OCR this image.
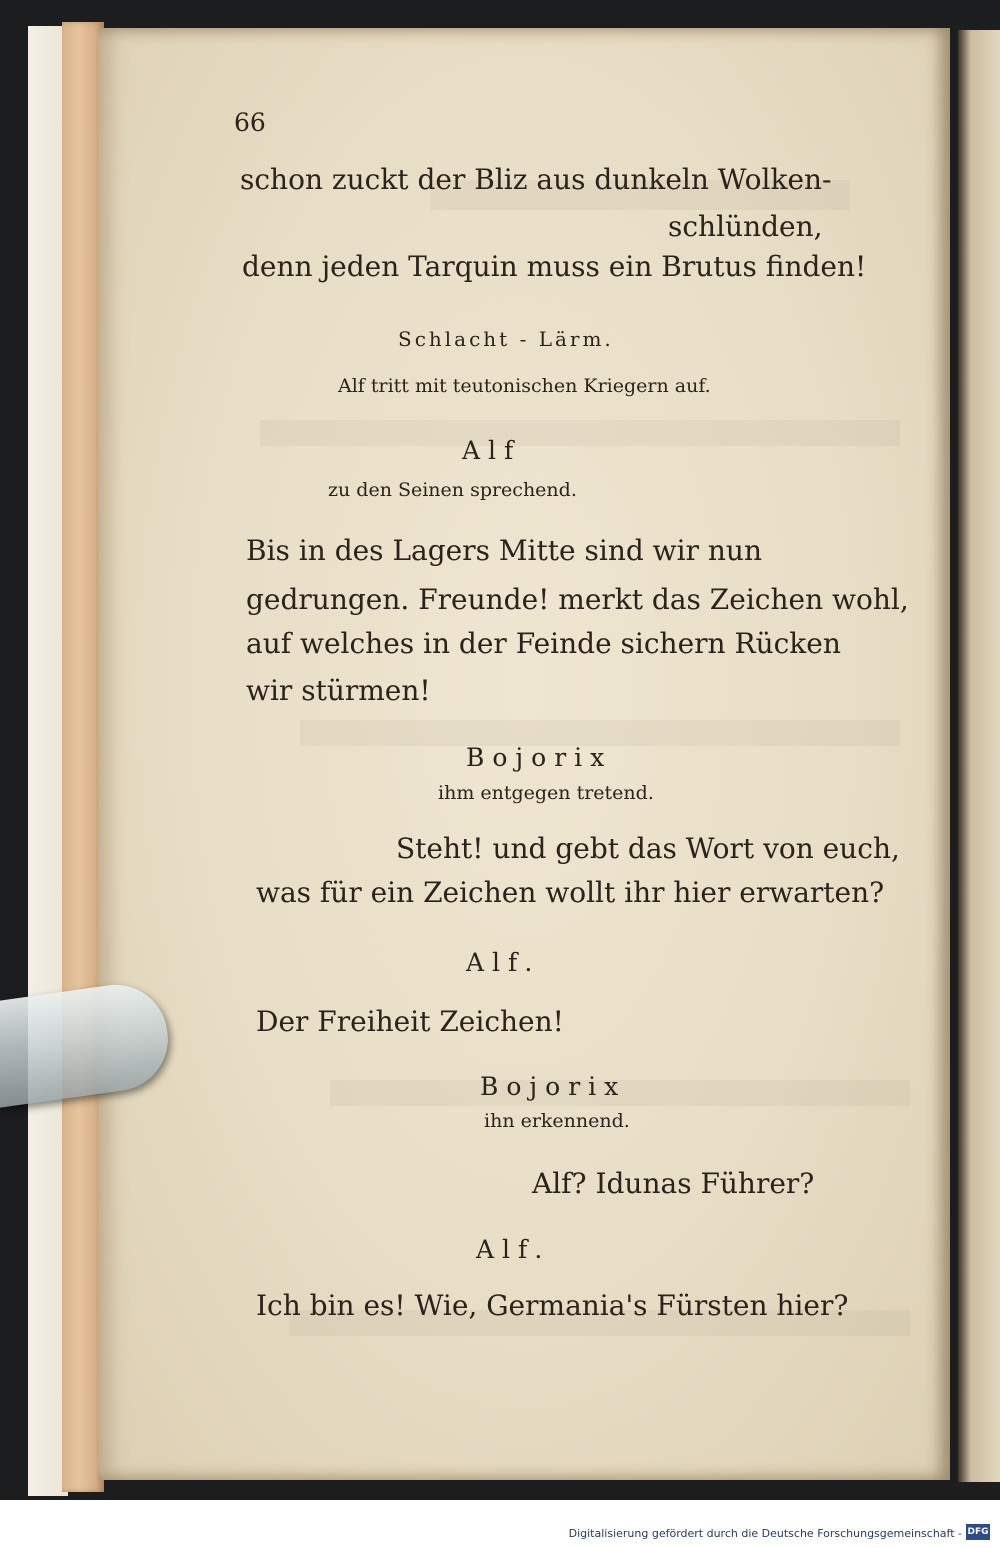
66
schon zuckt der Bliz aus dunkeln Wolken-
schlünden,
denn jeden Tarquin muss ein Brutus finden!
Schlacht - Lärm.
Alf tritt mit teutonischen Kriegern auf.
Alf
zu den Seinen sprechend.
Bis in des Lagers Mitte sind wir nun
gedrungen. Freunde! merkt das Zeichen wohl,
auf welches in der Feinde sichern Rücken
wir stürmen!
Bojorix
ihm entgegen tretend.
Steht! und gebt das Wort von euch,
was für ein Zeichen wollt ihr hier erwarten?
Alf.
Der Freiheit Zeichen!
Bojorix
ihn erkennend.
Alf? Idunas Führer?
Alf.
Ich bin es! Wie, Germania's Fürsten hier?
Digitalisierung gefördert durch die Deutsche Forschungsgemeinschaft - DFG
